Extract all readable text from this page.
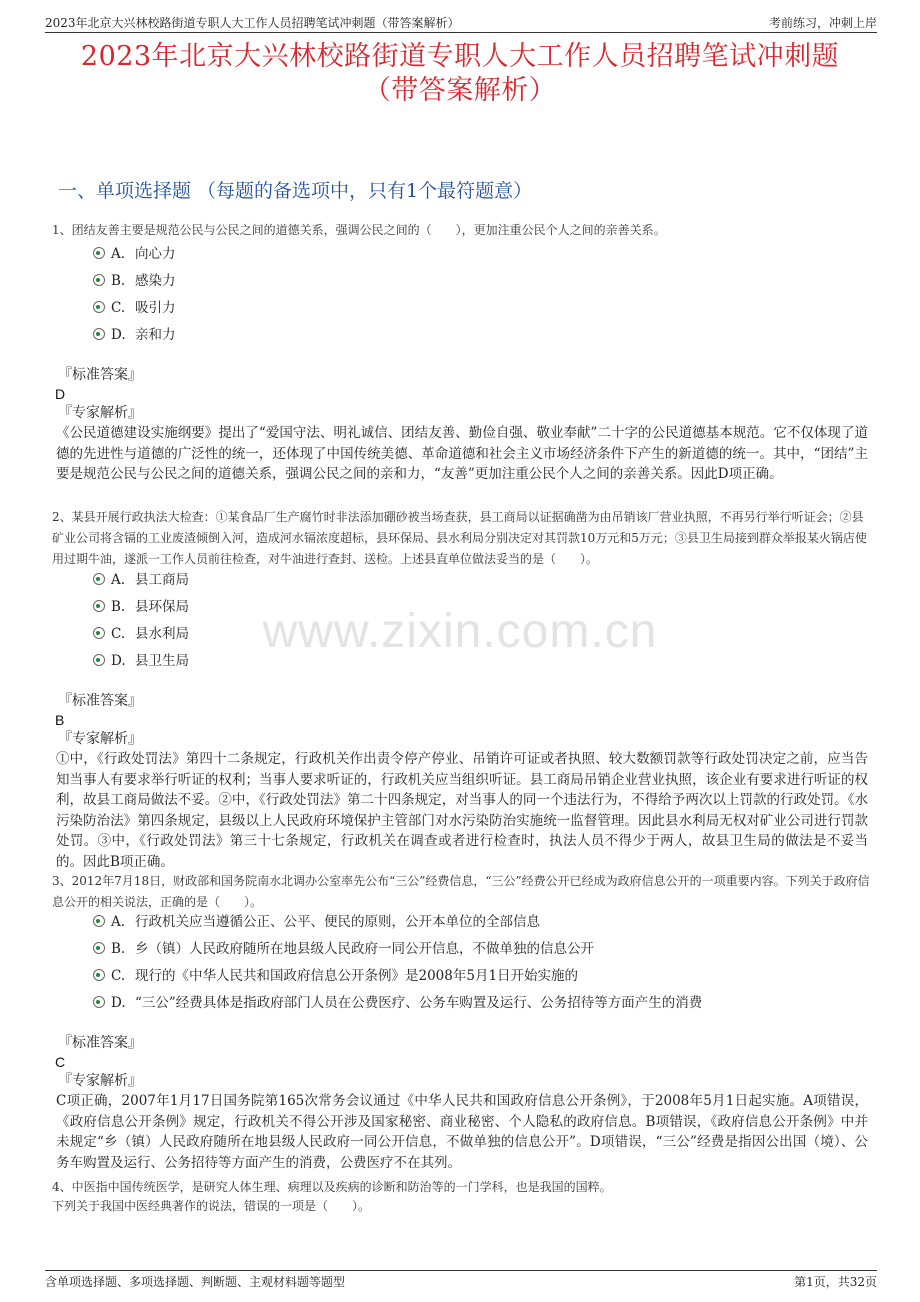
2023年北京大兴林校路街道专职人大工作人员招聘笔试冲刺题（带答案解析）	考前练习，冲刺上岸
www.zixin.com.cn
2023年北京大兴林校路街道专职人大工作人员招聘笔试冲刺题
（带答案解析）
一、单项选择题 （每题的备选项中，只有1个最符题意）
1、团结友善主要是规范公民与公民之间的道德关系，强调公民之间的（　　），更加注重公民个人之间的亲善关系。
A. 向心力
B. 感染力
C. 吸引力
D. 亲和力
『标准答案』
D
『专家解析』
《公民道德建设实施纲要》提出了“爱国守法、明礼诚信、团结友善、勤俭自强、敬业奉献”二十字的公民道德基本规范。它不仅体现了道德的先进性与道德的广泛性的统一，还体现了中国传统美德、革命道德和社会主义市场经济条件下产生的新道德的统一。其中，“团结”主要是规范公民与公民之间的道德关系，强调公民之间的亲和力，“友善”更加注重公民个人之间的亲善关系。因此D项正确。
2、某县开展行政执法大检查：①某食品厂生产腐竹时非法添加硼砂被当场查获，县工商局以证据确凿为由吊销该厂营业执照，不再另行举行听证会；②县矿业公司将含镉的工业废渣倾倒入河，造成河水镉浓度超标，县环保局、县水利局分别决定对其罚款10万元和5万元；③县卫生局接到群众举报某火锅店使用过期牛油，遂派一工作人员前往检查，对牛油进行查封、送检。上述县直单位做法妥当的是（　　）。
A. 县工商局
B. 县环保局
C. 县水利局
D. 县卫生局
『标准答案』
B
『专家解析』
①中，《行政处罚法》第四十二条规定，行政机关作出责令停产停业、吊销许可证或者执照、较大数额罚款等行政处罚决定之前，应当告知当事人有要求举行听证的权利；当事人要求听证的，行政机关应当组织听证。县工商局吊销企业营业执照，该企业有要求进行听证的权利，故县工商局做法不妥。②中，《行政处罚法》第二十四条规定，对当事人的同一个违法行为，不得给予两次以上罚款的行政处罚。《水污染防治法》第四条规定，县级以上人民政府环境保护主管部门对水污染防治实施统一监督管理。因此县水利局无权对矿业公司进行罚款处罚。③中，《行政处罚法》第三十七条规定，行政机关在调查或者进行检查时，执法人员不得少于两人，故县卫生局的做法是不妥当的。因此B项正确。
3、2012年7月18日，财政部和国务院南水北调办公室率先公布“三公”经费信息，“三公”经费公开已经成为政府信息公开的一项重要内容。下列关于政府信息公开的相关说法，正确的是（　　）。
A. 行政机关应当遵循公正、公平、便民的原则，公开本单位的全部信息
B. 乡（镇）人民政府随所在地县级人民政府一同公开信息，不做单独的信息公开
C. 现行的《中华人民共和国政府信息公开条例》是2008年5月1日开始实施的
D. “三公”经费具体是指政府部门人员在公费医疗、公务车购置及运行、公务招待等方面产生的消费
『标准答案』
C
『专家解析』
C项正确，2007年1月17日国务院第165次常务会议通过《中华人民共和国政府信息公开条例》，于2008年5月1日起实施。A项错误，《政府信息公开条例》规定，行政机关不得公开涉及国家秘密、商业秘密、个人隐私的政府信息。B项错误，《政府信息公开条例》中并未规定“乡（镇）人民政府随所在地县级人民政府一同公开信息，不做单独的信息公开”。D项错误，“三公”经费是指因公出国（境）、公务车购置及运行、公务招待等方面产生的消费，公费医疗不在其列。
4、中医指中国传统医学，是研究人体生理、病理以及疾病的诊断和防治等的一门学科，也是我国的国粹。
下列关于我国中医经典著作的说法，错误的一项是（　　）。
含单项选择题、多项选择题、判断题、主观材料题等题型	第1页，共32页
